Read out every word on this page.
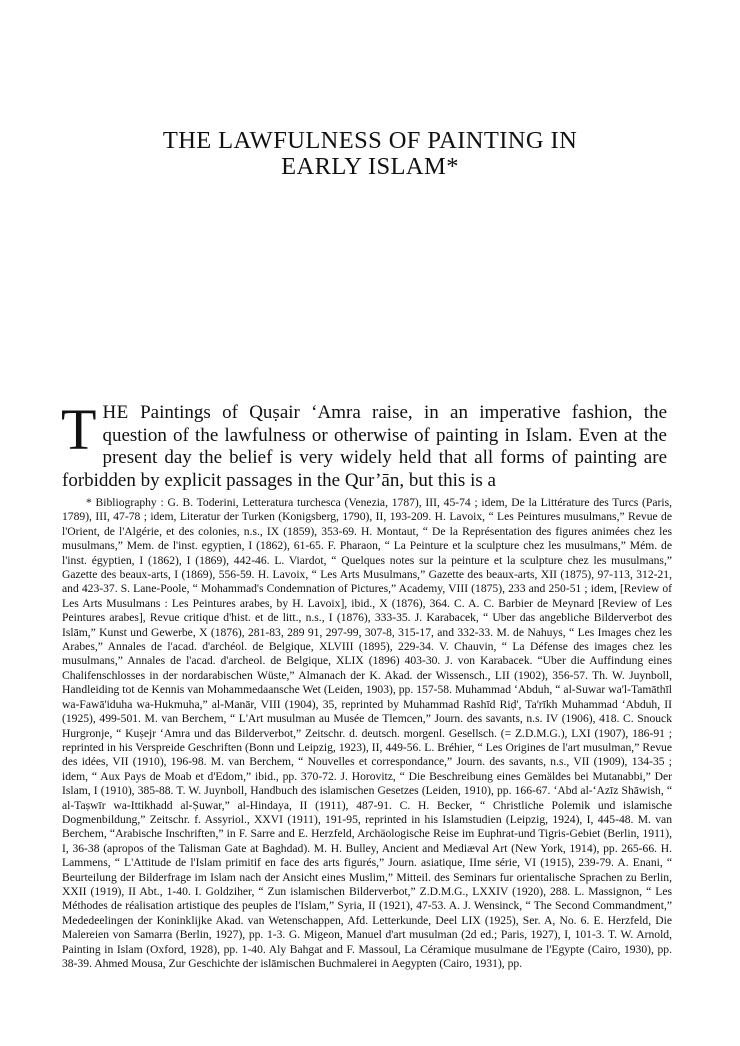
THE LAWFULNESS OF PAINTING IN
EARLY ISLAM*
THE Paintings of Quṣair ‘Amra raise, in an imperative fashion, the question of the lawfulness or otherwise of painting in Islam. Even at the present day the belief is very widely held that all forms of painting are forbidden by explicit passages in the Qur’ān, but this is a
* Bibliography : G. B. Toderini, Letteratura turchesca (Venezia, 1787), III, 45-74 ; idem, De la Littérature des Turcs (Paris, 1789), III, 47-78 ; idem, Literatur der Turken (Konigsberg, 1790), II, 193-209. H. Lavoix, “ Les Peintures musulmans,” Revue de l'Orient, de l'Algérie, et des colonies, n.s., IX (1859), 353-69. H. Montaut, “ De la Représentation des figures animées chez les musulmans,” Mem. de l'inst. egyptien, I (1862), 61-65. F. Pharaon, “ La Peinture et la sculpture chez les musulmans,” Mém. de l'inst. égyptien, I (1862), I (1869), 442-46. L. Viardot, “ Quelques notes sur la peinture et la sculpture chez les musulmans,” Gazette des beaux-arts, I (1869), 556-59. H. Lavoix, “ Les Arts Musulmans,” Gazette des beaux-arts, XII (1875), 97-113, 312-21, and 423-37. S. Lane-Poole, “ Mohammad's Condemnation of Pictures,” Academy, VIII (1875), 233 and 250-51 ; idem, [Review of Les Arts Musulmans : Les Peintures arabes, by H. Lavoix], ibid., X (1876), 364. C. A. C. Barbier de Meynard [Review of Les Peintures arabes], Revue critique d'hist. et de litt., n.s., I (1876), 333-35. J. Karabacek, “ Uber das angebliche Bilderverbot des Islām,” Kunst und Gewerbe, X (1876), 281-83, 289 91, 297-99, 307-8, 315-17, and 332-33. M. de Nahuys, “ Les Images chez les Arabes,” Annales de l'acad. d'archéol. de Belgique, XLVIII (1895), 229-34. V. Chauvin, “ La Défense des images chez les musulmans,” Annales de l'acad. d'archeol. de Belgique, XLIX (1896) 403-30. J. von Karabacek. “Uber die Auffindung eines Chalifenschlosses in der nordarabischen Wüste,” Almanach der K. Akad. der Wissensch., LII (1902), 356-57. Th. W. Juynboll, Handleiding tot de Kennis van Mohammedaansche Wet (Leiden, 1903), pp. 157-58. Muhammad ‘Abduh, “ al-Suwar wa'l-Tamāthīl wa-Fawā'iduha wa-Hukmuha,” al-Manār, VIII (1904), 35, reprinted by Muhammad Rashīd Riḍ', Ta'rīkh Muhammad ‘Abduh, II (1925), 499-501. M. van Berchem, “ L'Art musulman au Musée de Tlemcen,” Journ. des savants, n.s. IV (1906), 418. C. Snouck Hurgronje, “ Kuṣejr ‘Amra und das Bilderverbot,” Zeitschr. d. deutsch. morgenl. Gesellsch. (= Z.D.M.G.), LXI (1907), 186-91 ; reprinted in his Verspreide Geschriften (Bonn und Leipzig, 1923), II, 449-56. L. Bréhier, “ Les Origines de l'art musulman,” Revue des idées, VII (1910), 196-98. M. van Berchem, “ Nouvelles et correspondance,” Journ. des savants, n.s., VII (1909), 134-35 ; idem, “ Aux Pays de Moab et d'Edom,” ibid., pp. 370-72. J. Horovitz, “ Die Beschreibung eines Gemäldes bei Mutanabbi,” Der Islam, I (1910), 385-88. T. W. Juynboll, Handbuch des islamischen Gesetzes (Leiden, 1910), pp. 166-67. ‘Abd al-‘Azīz Shāwish, “ al-Taṣwīr wa-Ittikhadd al-Ṣuwar,” al-Hindaya, II (1911), 487-91. C. H. Becker, “ Christliche Polemik und islamische Dogmenbildung,” Zeitschr. f. Assyriol., XXVI (1911), 191-95, reprinted in his Islamstudien (Leipzig, 1924), I, 445-48. M. van Berchem, “Arabische Inschriften,” in F. Sarre and E. Herzfeld, Archäologische Reise im Euphrat-und Tigris-Gebiet (Berlin, 1911), I, 36-38 (apropos of the Talisman Gate at Baghdad). M. H. Bulley, Ancient and Mediæval Art (New York, 1914), pp. 265-66. H. Lammens, “ L'Attitude de l'Islam primitif en face des arts figurés,” Journ. asiatique, IIme série, VI (1915), 239-79. A. Enani, “ Beurteilung der Bilderfrage im Islam nach der Ansicht eines Muslim,” Mitteil. des Seminars fur orientalische Sprachen zu Berlin, XXII (1919), II Abt., 1-40. I. Goldziher, “ Zun islamischen Bilderverbot,” Z.D.M.G., LXXIV (1920), 288. L. Massignon, “ Les Méthodes de réalisation artistique des peuples de l'Islam,” Syria, II (1921), 47-53. A. J. Wensinck, “ The Second Commandment,” Mededeelingen der Koninklijke Akad. van Wetenschappen, Afd. Letterkunde, Deel LIX (1925), Ser. A, No. 6. E. Herzfeld, Die Malereien von Samarra (Berlin, 1927), pp. 1-3. G. Migeon, Manuel d'art musulman (2d ed.; Paris, 1927), I, 101-3. T. W. Arnold, Painting in Islam (Oxford, 1928), pp. 1-40. Aly Bahgat and F. Massoul, La Céramique musulmane de l'Egypte (Cairo, 1930), pp. 38-39. Ahmed Mousa, Zur Geschichte der islāmischen Buchmalerei in Aegypten (Cairo, 1931), pp.
